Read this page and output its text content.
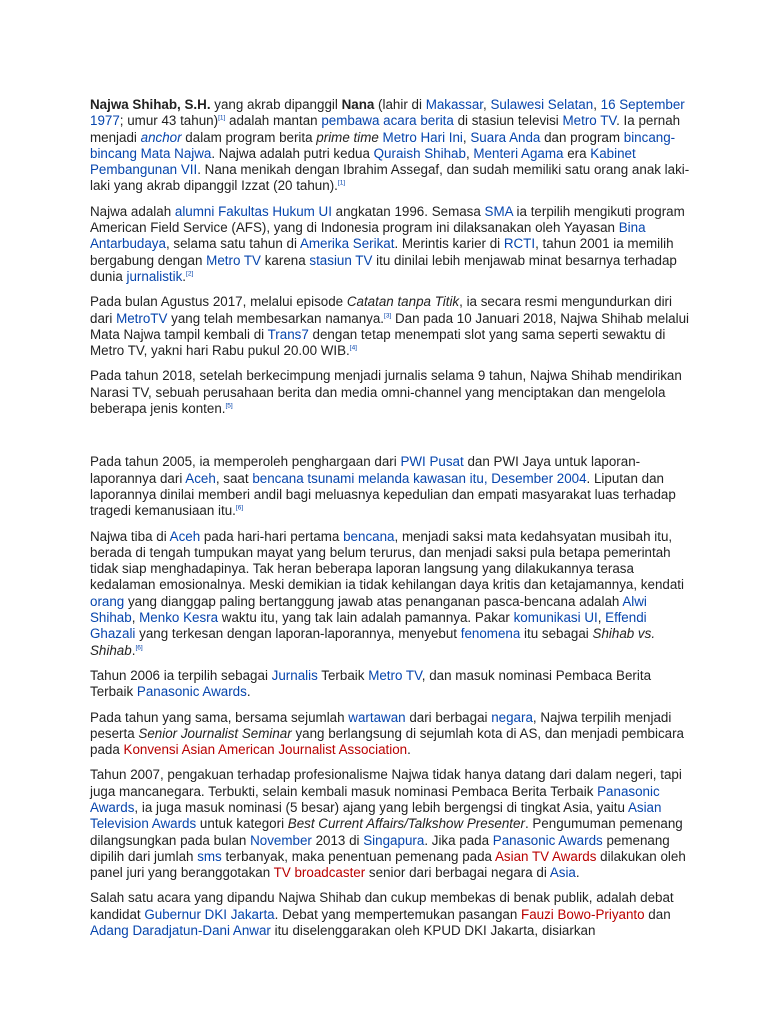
Najwa Shihab, S.H. yang akrab dipanggil Nana (lahir di Makassar, Sulawesi Selatan, 16 September 1977; umur 43 tahun)[1] adalah mantan pembawa acara berita di stasiun televisi Metro TV. Ia pernah menjadi anchor dalam program berita prime time Metro Hari Ini, Suara Anda dan program bincang-bincang Mata Najwa. Najwa adalah putri kedua Quraish Shihab, Menteri Agama era Kabinet Pembangunan VII. Nana menikah dengan Ibrahim Assegaf, dan sudah memiliki satu orang anak laki-laki yang akrab dipanggil Izzat (20 tahun).[1]

Najwa adalah alumni Fakultas Hukum UI angkatan 1996. Semasa SMA ia terpilih mengikuti program American Field Service (AFS), yang di Indonesia program ini dilaksanakan oleh Yayasan Bina Antarbudaya, selama satu tahun di Amerika Serikat. Merintis karier di RCTI, tahun 2001 ia memilih bergabung dengan Metro TV karena stasiun TV itu dinilai lebih menjawab minat besarnya terhadap dunia jurnalistik.[2]

Pada bulan Agustus 2017, melalui episode Catatan tanpa Titik, ia secara resmi mengundurkan diri dari MetroTV yang telah membesarkan namanya.[3] Dan pada 10 Januari 2018, Najwa Shihab melalui Mata Najwa tampil kembali di Trans7 dengan tetap menempati slot yang sama seperti sewaktu di Metro TV, yakni hari Rabu pukul 20.00 WIB.[4]

Pada tahun 2018, setelah berkecimpung menjadi jurnalis selama 9 tahun, Najwa Shihab mendirikan Narasi TV, sebuah perusahaan berita dan media omni-channel yang menciptakan dan mengelola beberapa jenis konten.[5]

Pada tahun 2005, ia memperoleh penghargaan dari PWI Pusat dan PWI Jaya untuk laporan-laporannya dari Aceh, saat bencana tsunami melanda kawasan itu, Desember 2004. Liputan dan laporannya dinilai memberi andil bagi meluasnya kepedulian dan empati masyarakat luas terhadap tragedi kemanusiaan itu.[6]

Najwa tiba di Aceh pada hari-hari pertama bencana, menjadi saksi mata kedahsyatan musibah itu, berada di tengah tumpukan mayat yang belum terurus, dan menjadi saksi pula betapa pemerintah tidak siap menghadapinya. Tak heran beberapa laporan langsung yang dilakukannya terasa kedalaman emosionalnya. Meski demikian ia tidak kehilangan daya kritis dan ketajamannya, kendati orang yang dianggap paling bertanggung jawab atas penanganan pasca-bencana adalah Alwi Shihab, Menko Kesra waktu itu, yang tak lain adalah pamannya. Pakar komunikasi UI, Effendi Ghazali yang terkesan dengan laporan-laporannya, menyebut fenomena itu sebagai Shihab vs. Shihab.[6]

Tahun 2006 ia terpilih sebagai Jurnalis Terbaik Metro TV, dan masuk nominasi Pembaca Berita Terbaik Panasonic Awards.

Pada tahun yang sama, bersama sejumlah wartawan dari berbagai negara, Najwa terpilih menjadi peserta Senior Journalist Seminar yang berlangsung di sejumlah kota di AS, dan menjadi pembicara pada Konvensi Asian American Journalist Association.

Tahun 2007, pengakuan terhadap profesionalisme Najwa tidak hanya datang dari dalam negeri, tapi juga mancanegara. Terbukti, selain kembali masuk nominasi Pembaca Berita Terbaik Panasonic Awards, ia juga masuk nominasi (5 besar) ajang yang lebih bergengsi di tingkat Asia, yaitu Asian Television Awards untuk kategori Best Current Affairs/Talkshow Presenter. Pengumuman pemenang dilangsungkan pada bulan November 2013 di Singapura. Jika pada Panasonic Awards pemenang dipilih dari jumlah sms terbanyak, maka penentuan pemenang pada Asian TV Awards dilakukan oleh panel juri yang beranggotakan TV broadcaster senior dari berbagai negara di Asia.

Salah satu acara yang dipandu Najwa Shihab dan cukup membekas di benak publik, adalah debat kandidat Gubernur DKI Jakarta. Debat yang mempertemukan pasangan Fauzi Bowo-Priyanto dan Adang Daradjatun-Dani Anwar itu diselenggarakan oleh KPUD DKI Jakarta, disiarkan
